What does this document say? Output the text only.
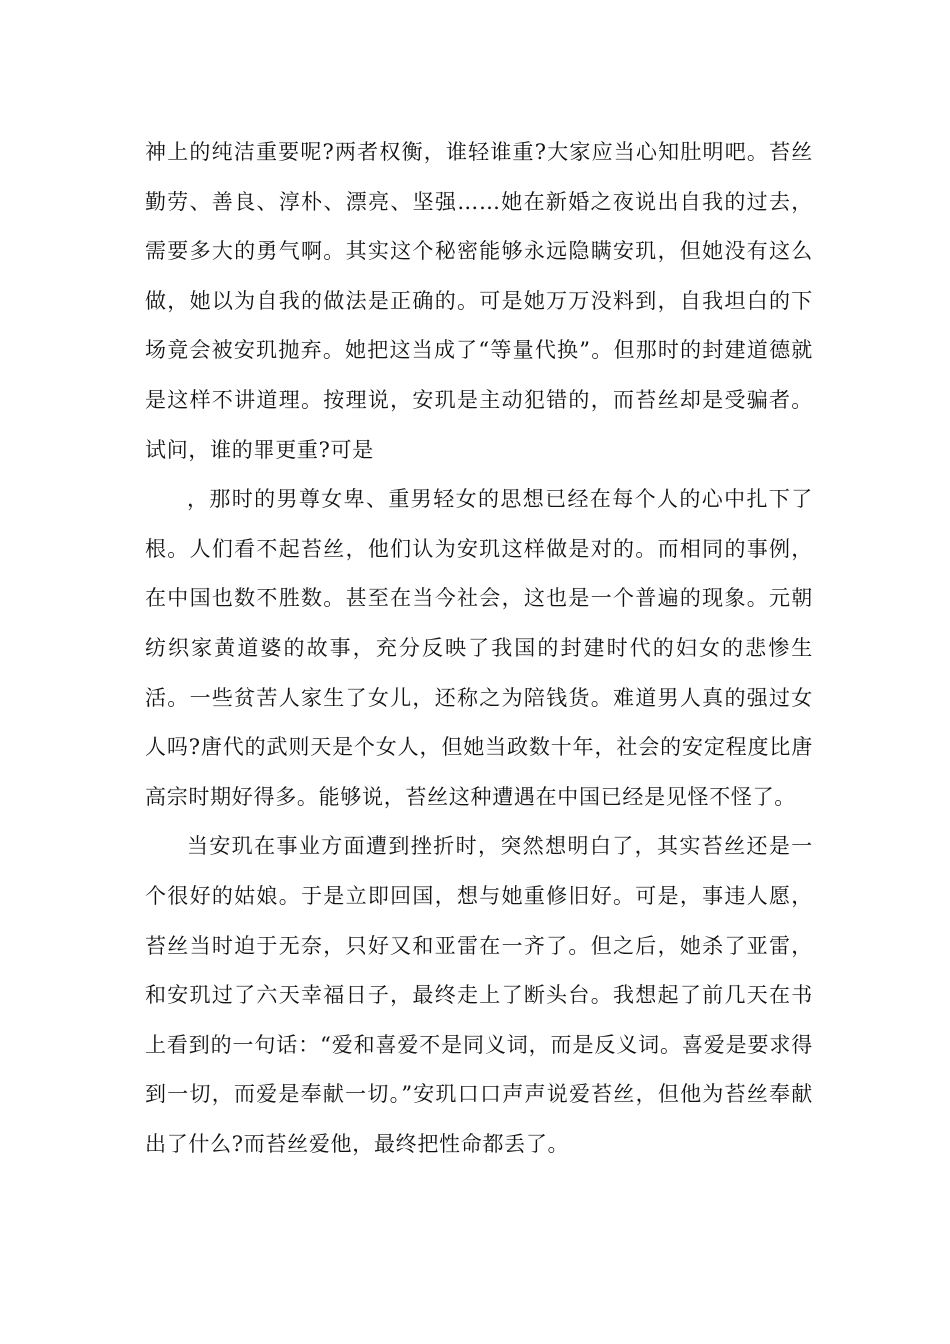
神上的纯洁重要呢?两者权衡，谁轻谁重?大家应当心知肚明吧。苔丝勤劳、善良、淳朴、漂亮、坚强……她在新婚之夜说出自我的过去，需要多大的勇气啊。其实这个秘密能够永远隐瞒安玑，但她没有这么做，她以为自我的做法是正确的。可是她万万没料到，自我坦白的下场竟会被安玑抛弃。她把这当成了“等量代换”。但那时的封建道德就是这样不讲道理。按理说，安玑是主动犯错的，而苔丝却是受骗者。试问，谁的罪更重?可是

，那时的男尊女卑、重男轻女的思想已经在每个人的心中扎下了根。人们看不起苔丝，他们认为安玑这样做是对的。而相同的事例，在中国也数不胜数。甚至在当今社会，这也是一个普遍的现象。元朝纺织家黄道婆的故事，充分反映了我国的封建时代的妇女的悲惨生活。一些贫苦人家生了女儿，还称之为陪钱货。难道男人真的强过女人吗?唐代的武则天是个女人，但她当政数十年，社会的安定程度比唐高宗时期好得多。能够说，苔丝这种遭遇在中国已经是见怪不怪了。

当安玑在事业方面遭到挫折时，突然想明白了，其实苔丝还是一个很好的姑娘。于是立即回国，想与她重修旧好。可是，事违人愿，苔丝当时迫于无奈，只好又和亚雷在一齐了。但之后，她杀了亚雷，和安玑过了六天幸福日子，最终走上了断头台。我想起了前几天在书上看到的一句话：“爱和喜爱不是同义词，而是反义词。喜爱是要求得到一切，而爱是奉献一切。”安玑口口声声说爱苔丝，但他为苔丝奉献出了什么?而苔丝爱他，最终把性命都丢了。
